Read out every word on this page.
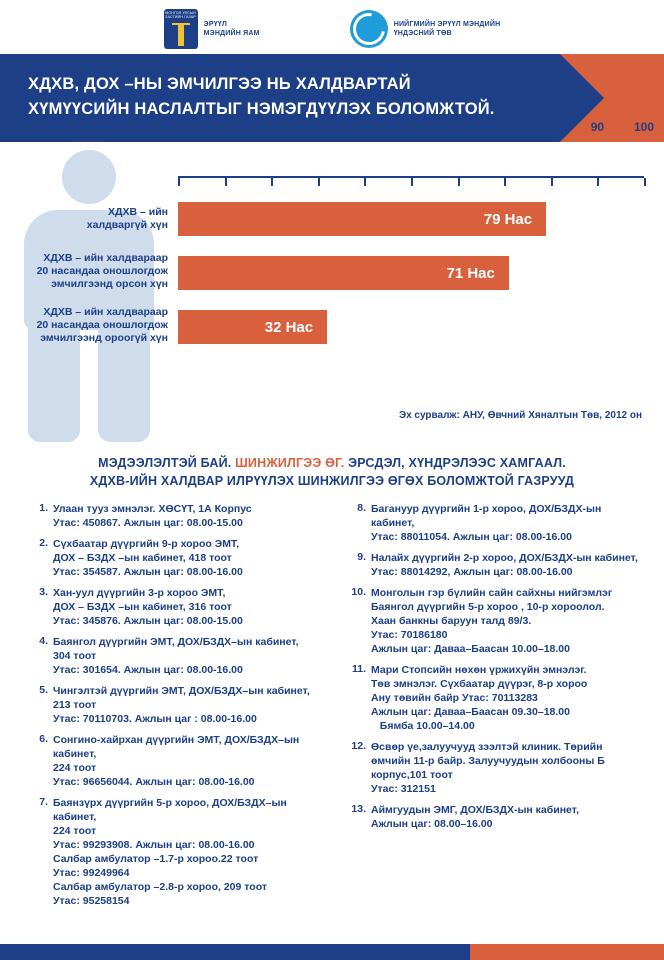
МОНГОЛ УЛСЫН ЗАСГИЙН ГАЗАР
ЭРҮҮЛ
МЭНДИЙН ЯАМ
НИЙГМИЙН ЭРҮҮЛ МЭНДИЙН
ҮНДЭСНИЙ ТӨВ
ХДХВ, ДОХ –НЫ ЭМЧИЛГЭЭ НЬ ХАЛДВАРТАЙ
ХҮМҮҮСИЙН НАСЛАЛТЫГ НЭМЭГДҮҮЛЭХ БОЛОМЖТОЙ.
0	10	20	30	40	50	60	70	80	90 100
ХДХВ – ийн
халдваргүй хүн	79 Нас
ХДХВ – ийн халдвараар
20 насандаа оношлогдож
эмчилгээнд орсон хүн
71 Нас
ХДХВ – ийн халдвараар
20 насандаа оношлогдож
эмчилгээнд ороогүй хүн
32 Нас
Эх сурвалж: АНУ, Өвчний Хяналтын Төв, 2012 он
МЭДЭЭЛЭЛТЭЙ БАЙ. ШИНЖИЛГЭЭ ӨГ. ЭРСДЭЛ, ХҮНДРЭЛЭЭС ХАМГААЛ.
ХДХВ-ИЙН ХАЛДВАР ИЛРҮҮЛЭХ ШИНЖИЛГЭЭ ӨГӨХ БОЛОМЖТОЙ ГАЗРУУД
1. Улаан тууз эмнэлэг. ХӨСҮТ, 1А Корпус
Утас: 450867. Ажлын цаг: 08.00-15.00
2. Сүхбаатар дүүргийн 9-р хороо ЭМТ,
ДОХ – БЗДХ –ын кабинет, 418 тоот
Утас: 354587. Ажлын цаг: 08.00-16.00
3. Хан-уул дүүргийн 3-р хороо ЭМТ,
ДОХ – БЗДХ –ын кабинет, 316 тоот
Утас: 345876. Ажлын цаг: 08.00-15.00
4. Баянгол дүүргийн ЭМТ, ДОХ/БЗДХ–ын кабинет,
304 тоот
Утас: 301654. Ажлын цаг: 08.00-16.00
5. Чингэлтэй дүүргийн ЭМТ, ДОХ/БЗДХ–ын кабинет,
213 тоот
Утас: 70110703. Ажлын цаг : 08.00-16.00
6. Сонгино-хайрхан дүүргийн ЭМТ, ДОХ/БЗДХ–ын кабинет,
224 тоот
Утас: 96656044. Ажлын цаг: 08.00-16.00
7. Баянзүрх дүүргийн 5-р хороо, ДОХ/БЗДХ–ын кабинет,
224 тоот
Утас: 99293908. Ажлын цаг: 08.00-16.00
Салбар амбулатор –1.7-р хороо.22 тоот
Утас: 99249964
Салбар амбулатор –2.8-р хороо, 209 тоот
Утас: 95258154
8. Багануур дүүргийн 1-р хороо, ДОХ/БЗДХ-ын кабинет,
Утас: 88011054. Ажлын цаг: 08.00-16.00
9. Налайх дүүргийн 2-р хороо, ДОХ/БЗДХ-ын кабинет,
Утас: 88014292, Ажлын цаг: 08.00-16.00
10. Монголын гэр бүлийн сайн сайхны нийгэмлэг
Баянгол дүүргийн 5-р хороо , 10-р хороолол.
Хаан банкны баруун талд 89/3.
Утас: 70186180
Ажлын цаг: Даваа–Баасан 10.00–18.00
11. Мари Стопсийн нөхөн үржихүйн эмнэлэг.
Төв эмнэлэг. Сүхбаатар дүүрэг, 8-р хороо
Ану төвийн байр Утас: 70113283
Ажлын цаг: Даваа–Баасан 09.30–18.00
Бямба 10.00–14.00
12. Өсвөр үе,залуучууд зээлтэй клиник. Төрийн
өмчийн 11-р байр. Залуучуудын холбооны Б
корпус,101 тоот
Утас: 312151
13. Аймгуудын ЭМГ, ДОХ/БЗДХ-ын кабинет,
Ажлын цаг: 08.00–16.00
